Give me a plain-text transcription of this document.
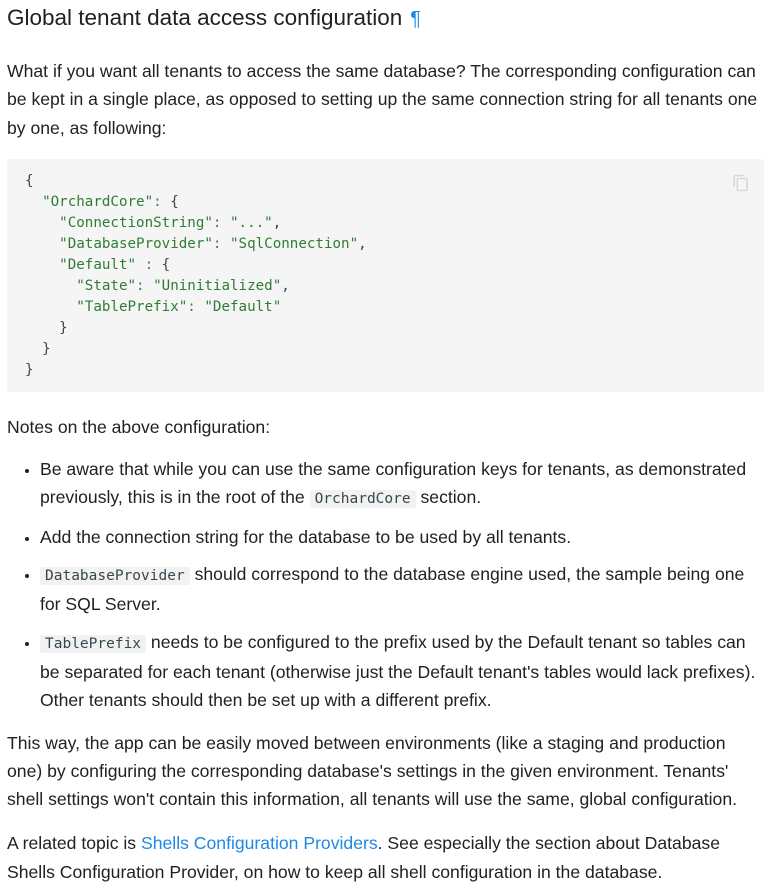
Global tenant data access configuration ¶

What if you want all tenants to access the same database? The corresponding configuration can be kept in a single place, as opposed to setting up the same connection string for all tenants one by one, as following:

{
"OrchardCore": {
"ConnectionString": "...",
"DatabaseProvider": "SqlConnection",
"Default" : {
"State": "Uninitialized",
"TablePrefix": "Default"
}
}
}

Notes on the above configuration:

• Be aware that while you can use the same configuration keys for tenants, as demonstrated previously, this is in the root of the OrchardCore section.
• Add the connection string for the database to be used by all tenants.
• DatabaseProvider should correspond to the database engine used, the sample being one for SQL Server.
• TablePrefix needs to be configured to the prefix used by the Default tenant so tables can be separated for each tenant (otherwise just the Default tenant's tables would lack prefixes). Other tenants should then be set up with a different prefix.

This way, the app can be easily moved between environments (like a staging and production one) by configuring the corresponding database's settings in the given environment. Tenants' shell settings won't contain this information, all tenants will use the same, global configuration.

A related topic is Shells Configuration Providers. See especially the section about Database Shells Configuration Provider, on how to keep all shell configuration in the database.
